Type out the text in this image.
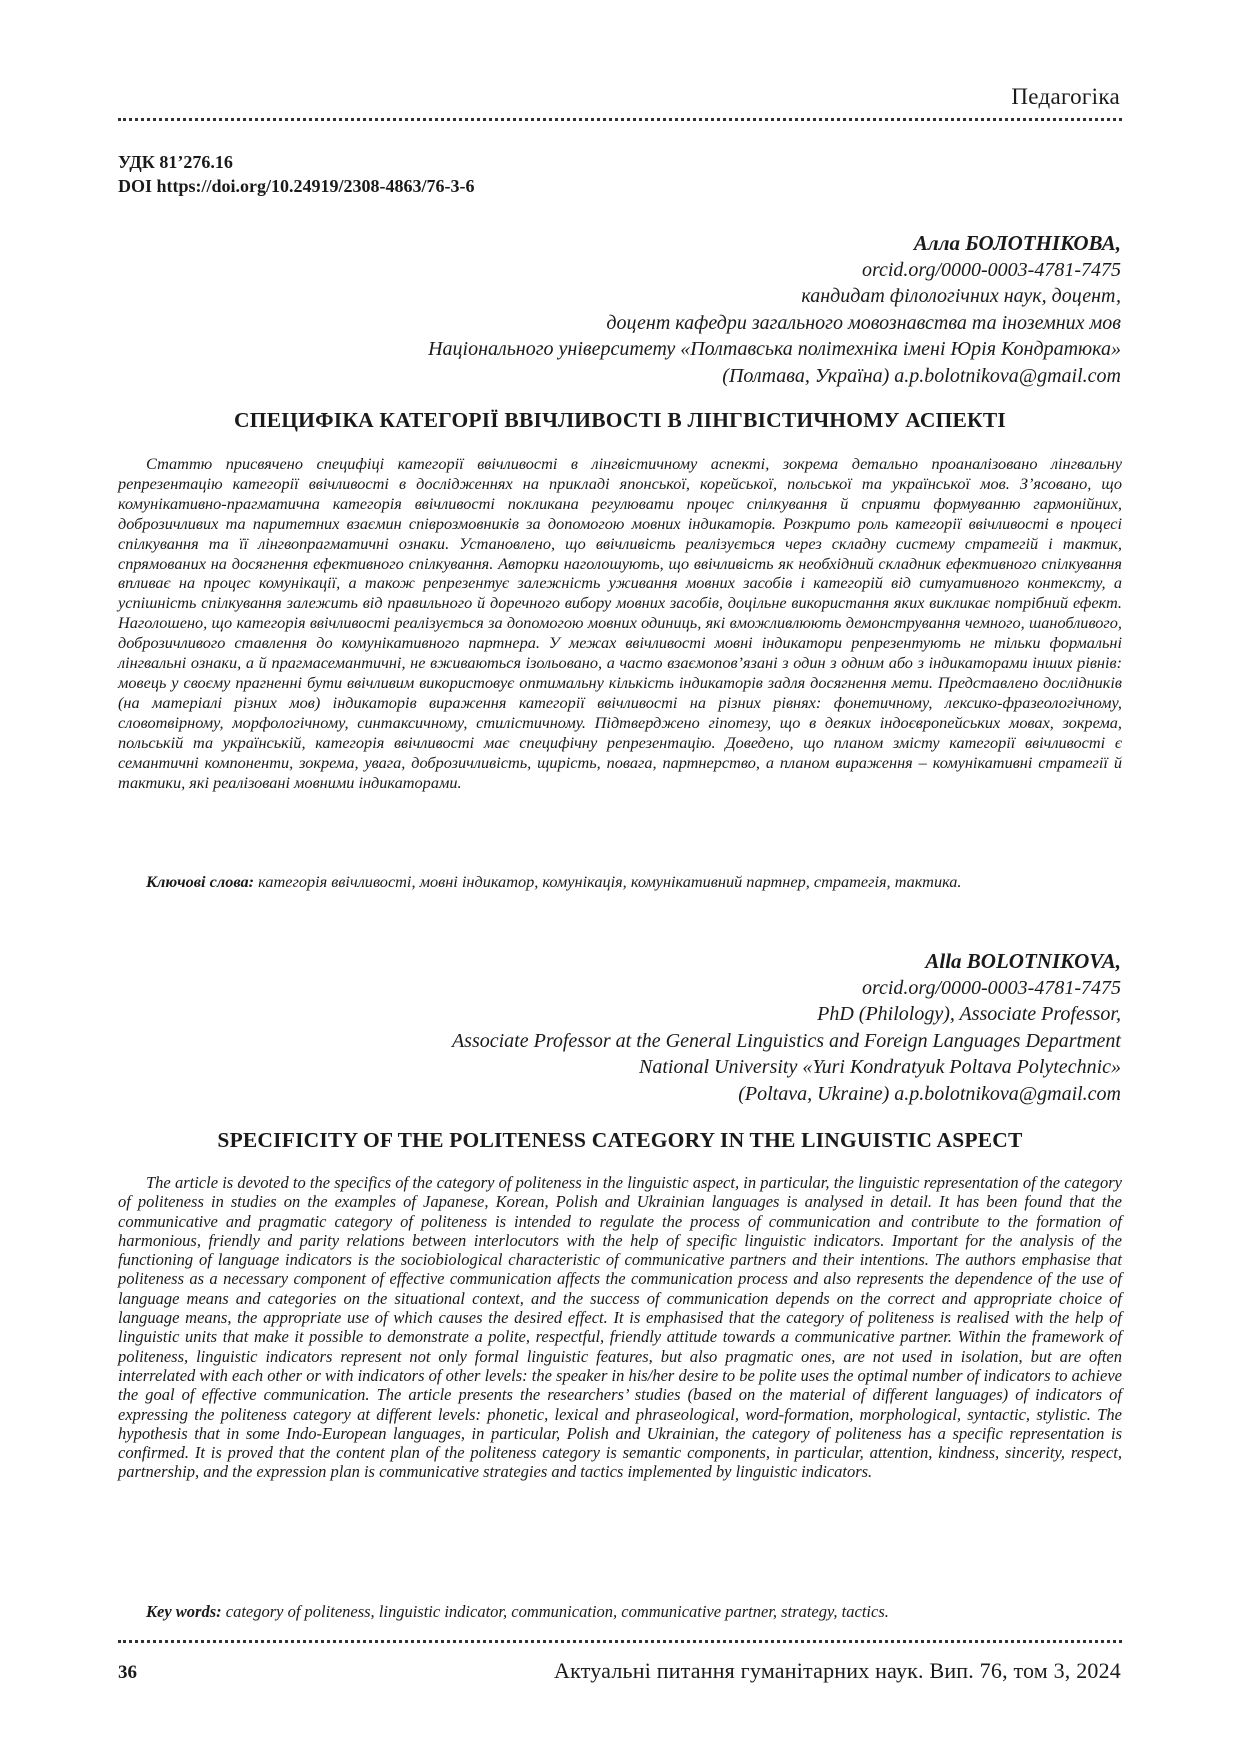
Педагогіка
УДК 81’276.16
DOI https://doi.org/10.24919/2308-4863/76-3-6
Алла БОЛОТНІКОВА,
orcid.org/0000-0003-4781-7475
кандидат філологічних наук, доцент,
доцент кафедри загального мовознавства та іноземних мов
Національного університету «Полтавська політехніка імені Юрія Кондратюка»
(Полтава, Україна) a.p.bolotnikova@gmail.com
СПЕЦИФІКА КАТЕГОРІЇ ВВІЧЛИВОСТІ В ЛІНГВІСТИЧНОМУ АСПЕКТІ

Статтю присвячено специфіці категорії ввічливості в лінгвістичному аспекті, зокрема детально проаналізовано лінгвальну репрезентацію категорії ввічливості в дослідженнях на прикладі японської, корейської, польської та української мов. З’ясовано, що комунікативно-прагматична категорія ввічливості покликана регулювати процес спілкування й сприяти формуванню гармонійних, доброзичливих та паритетних взаємин співрозмовників за допомогою мовних індикаторів. Розкрито роль категорії ввічливості в процесі спілкування та її лінгвопрагматичні ознаки. Установлено, що ввічливість реалізується через складну систему стратегій і тактик, спрямованих на досягнення ефективного спілкування. Авторки наголошують, що ввічливість як необхідний складник ефективного спілкування впливає на процес комунікації, а також репрезентує залежність уживання мовних засобів і категорій від ситуативного контексту, а успішність спілкування залежить від правильного й доречного вибору мовних засобів, доцільне використання яких викликає потрібний ефект. Наголошено, що категорія ввічливості реалізується за допомогою мовних одиниць, які вможливлюють демонстрування чемного, шанобливого, доброзичливого ставлення до комунікативного партнера. У межах ввічливості мовні індикатори репрезентують не тільки формальні лінгвальні ознаки, а й прагмасемантичні, не вживаються ізольовано, а часто взаємопов’язані з один з одним або з індикаторами інших рівнів: мовець у своєму прагненні бути ввічливим використовує оптимальну кількість індикаторів задля досягнення мети. Представлено дослідників (на матеріалі різних мов) індикаторів вираження категорії ввічливості на різних рівнях: фонетичному, лексико-фразеологічному, словотвірному, морфологічному, синтаксичному, стилістичному. Підтверджено гіпотезу, що в деяких індоєвропейських мовах, зокрема, польській та українській, категорія ввічливості має специфічну репрезентацію. Доведено, що планом змісту категорії ввічливості є семантичні компоненти, зокрема, увага, доброзичливість, щирість, повага, партнерство, а планом вираження – комунікативні стратегії й тактики, які реалізовані мовними індикаторами.

Ключові слова: категорія ввічливості, мовні індикатор, комунікація, комунікативний партнер, стратегія, тактика.

Alla BOLOTNIKOVA,
orcid.org/0000-0003-4781-7475
PhD (Philology), Associate Professor,
Associate Professor at the General Linguistics and Foreign Languages Department
National University «Yuri Kondratyuk Poltava Polytechnic»
(Poltava, Ukraine) a.p.bolotnikova@gmail.com
SPECIFICITY OF THE POLITENESS CATEGORY IN THE LINGUISTIC ASPECT

The article is devoted to the specifics of the category of politeness in the linguistic aspect, in particular, the linguistic representation of the category of politeness in studies on the examples of Japanese, Korean, Polish and Ukrainian languages is analysed in detail. It has been found that the communicative and pragmatic category of politeness is intended to regulate the process of communication and contribute to the formation of harmonious, friendly and parity relations between interlocutors with the help of specific linguistic indicators. Important for the analysis of the functioning of language indicators is the sociobiological characteristic of communicative partners and their intentions. The authors emphasise that politeness as a necessary component of effective communication affects the communication process and also represents the dependence of the use of language means and categories on the situational context, and the success of communication depends on the correct and appropriate choice of language means, the appropriate use of which causes the desired effect. It is emphasised that the category of politeness is realised with the help of linguistic units that make it possible to demonstrate a polite, respectful, friendly attitude towards a communicative partner. Within the framework of politeness, linguistic indicators represent not only formal linguistic features, but also pragmatic ones, are not used in isolation, but are often interrelated with each other or with indicators of other levels: the speaker in his/her desire to be polite uses the optimal number of indicators to achieve the goal of effective communication. The article presents the researchers’ studies (based on the material of different languages) of indicators of expressing the politeness category at different levels: phonetic, lexical and phraseological, word-formation, morphological, syntactic, stylistic. The hypothesis that in some Indo-European languages, in particular, Polish and Ukrainian, the category of politeness has a specific representation is confirmed. It is proved that the content plan of the politeness category is semantic components, in particular, attention, kindness, sincerity, respect, partnership, and the expression plan is communicative strategies and tactics implemented by linguistic indicators.

Key words: category of politeness, linguistic indicator, communication, communicative partner, strategy, tactics.

36	Актуальні питання гуманітарних наук. Вип. 76, том 3, 2024
